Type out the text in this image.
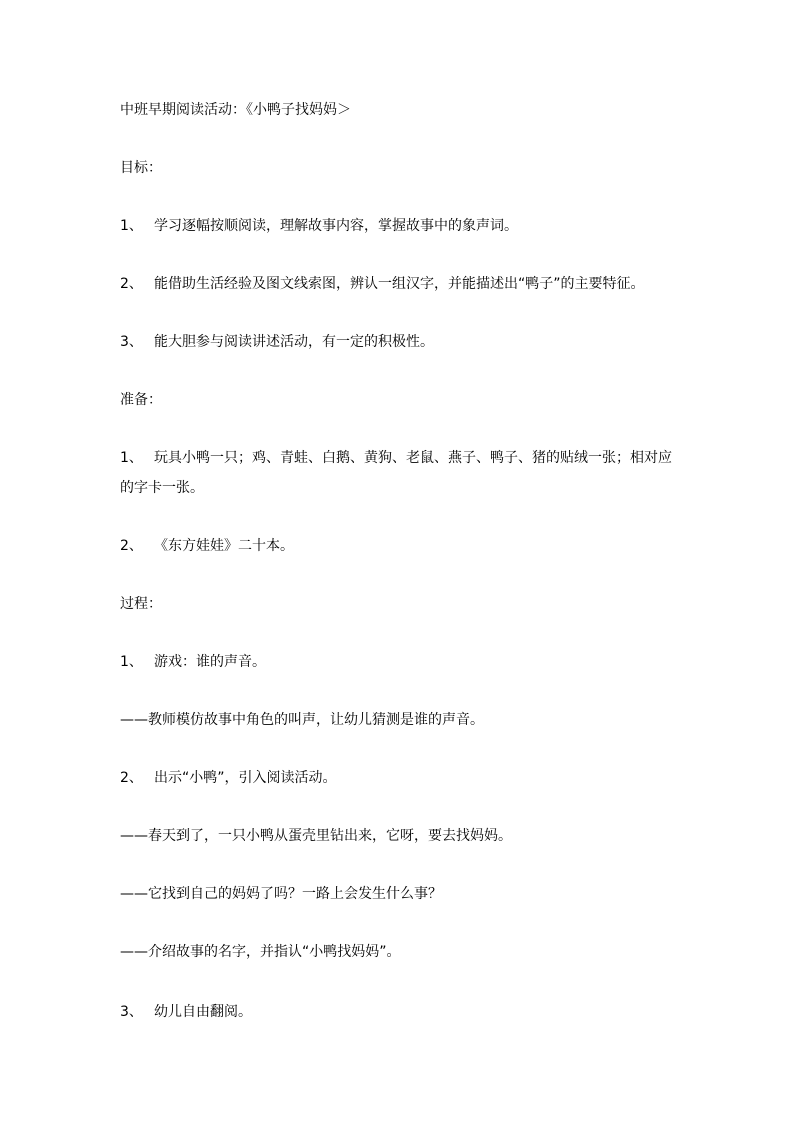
中班早期阅读活动：《小鸭子找妈妈＞
目标：
1、 学习逐幅按顺阅读，理解故事内容，掌握故事中的象声词。
2、 能借助生活经验及图文线索图，辨认一组汉字，并能描述出“鸭子”的主要特征。
3、 能大胆参与阅读讲述活动，有一定的积极性。
准备：
1、 玩具小鸭一只；鸡、青蛙、白鹅、黄狗、老鼠、燕子、鸭子、猪的贴绒一张；相对应
的字卡一张。
2、 《东方娃娃》二十本。
过程：
1、 游戏：谁的声音。
——教师模仿故事中角色的叫声，让幼儿猜测是谁的声音。
2、 出示“小鸭”，引入阅读活动。
——春天到了，一只小鸭从蛋壳里钻出来，它呀，要去找妈妈。
——它找到自己的妈妈了吗？一路上会发生什么事？
——介绍故事的名字，并指认“小鸭找妈妈”。
3、 幼儿自由翻阅。
